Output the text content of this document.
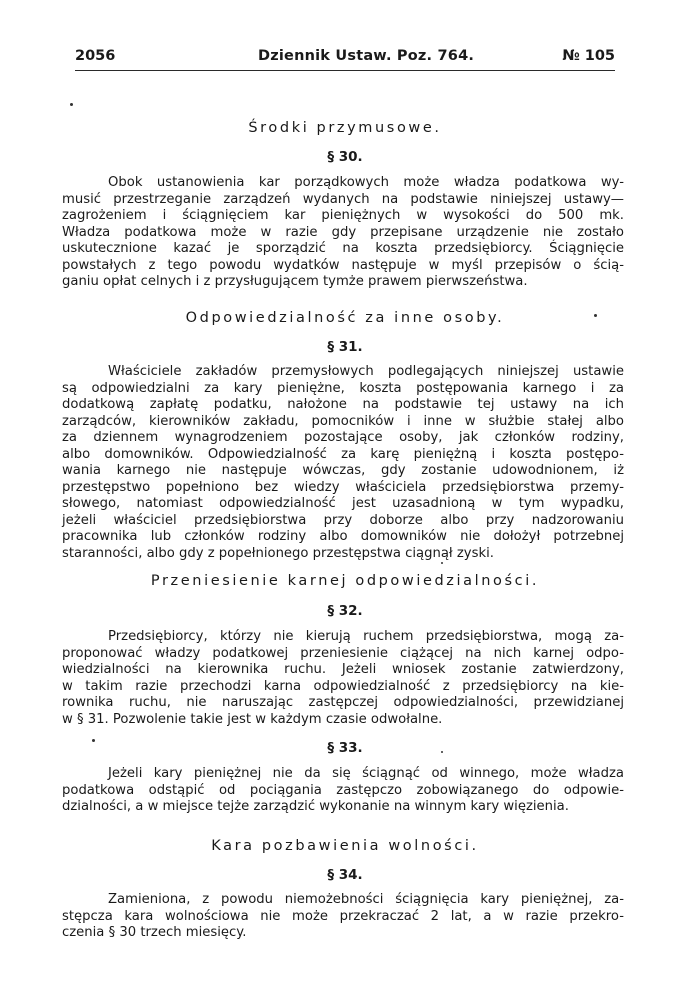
2056	Dziennik Ustaw. Poz. 764.	№ 105
Środki przymusowe.
§ 30.
Obok ustanowienia kar porządkowych może władza podatkowa wy-
musić przestrzeganie zarządzeń wydanych na podstawie niniejszej ustawy—
zagrożeniem i ściągnięciem kar pieniężnych w wysokości do 500 mk.
Władza podatkowa może w razie gdy przepisane urządzenie nie zostało
uskutecznione kazać je sporządzić na koszta przedsiębiorcy. Ściągnięcie
powstałych z tego powodu wydatków następuje w myśl przepisów o ścią-
ganiu opłat celnych i z przysługującem tymże prawem pierwszeństwa.
Odpowiedzialność za inne osoby.
§ 31.
Właściciele zakładów przemysłowych podlegających niniejszej ustawie
są odpowiedzialni za kary pieniężne, koszta postępowania karnego i za
dodatkową zapłatę podatku, nałożone na podstawie tej ustawy na ich
zarządców, kierowników zakładu, pomocników i inne w służbie stałej albo
za dziennem wynagrodzeniem pozostające osoby, jak członków rodziny,
albo domowników. Odpowiedzialność za karę pieniężną i koszta postępo-
wania karnego nie następuje wówczas, gdy zostanie udowodnionem, iż
przestępstwo popełniono bez wiedzy właściciela przedsiębiorstwa przemy-
słowego, natomiast odpowiedzialność jest uzasadnioną w tym wypadku,
jeżeli właściciel przedsiębiorstwa przy doborze albo przy nadzorowaniu
pracownika lub członków rodziny albo domowników nie dołożył potrzebnej
staranności, albo gdy z popełnionego przestępstwa ciągnął zyski.
Przeniesienie karnej odpowiedzialności.
§ 32.
Przedsiębiorcy, którzy nie kierują ruchem przedsiębiorstwa, mogą za-
proponować władzy podatkowej przeniesienie ciążącej na nich karnej odpo-
wiedzialności na kierownika ruchu. Jeżeli wniosek zostanie zatwierdzony,
w takim razie przechodzi karna odpowiedzialność z przedsiębiorcy na kie-
rownika ruchu, nie naruszając zastępczej odpowiedzialności, przewidzianej
w § 31. Pozwolenie takie jest w każdym czasie odwołalne.
§ 33.
Jeżeli kary pieniężnej nie da się ściągnąć od winnego, może władza
podatkowa odstąpić od pociągania zastępczo zobowiązanego do odpowie-
dzialności, a w miejsce tejże zarządzić wykonanie na winnym kary więzienia.
Kara pozbawienia wolności.
§ 34.
Zamieniona, z powodu niemożebności ściągnięcia kary pieniężnej, za-
stępcza kara wolnościowa nie może przekraczać 2 lat, a w razie przekro-
czenia § 30 trzech miesięcy.
